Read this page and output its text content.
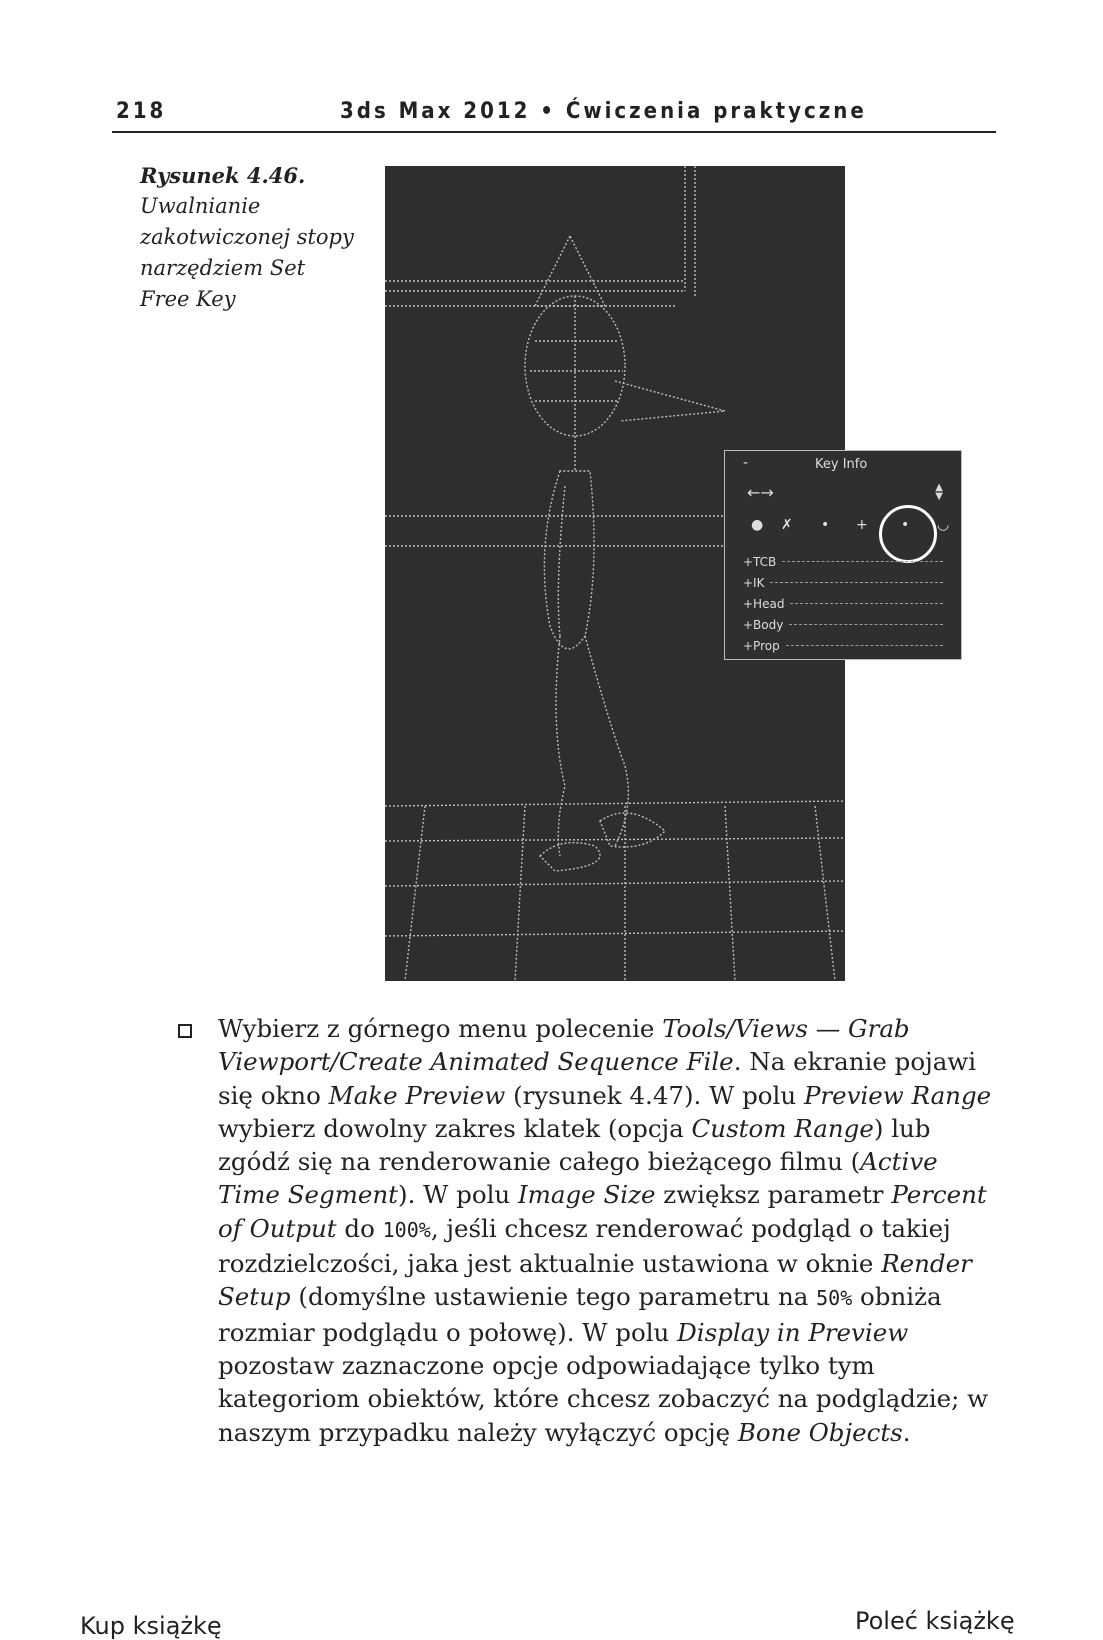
218	3ds Max 2012 • Ćwiczenia praktyczne
Rysunek 4.46.
Uwalnianie zakotwiczonej stopy narzędziem Set Free Key
-	Key Info
←→	▲
▼
● ✗ • + • ◡
+TCB
+IK
+Head
+Body
+Prop
Wybierz z górnego menu polecenie Tools/Views — Grab Viewport/Create Animated Sequence File. Na ekranie pojawi się okno Make Preview (rysunek 4.47). W polu Preview Range wybierz dowolny zakres klatek (opcja Custom Range) lub zgódź się na renderowanie całego bieżącego filmu (Active Time Segment). W polu Image Size zwiększ parametr Percent of Output do 100%, jeśli chcesz renderować podgląd o takiej rozdzielczości, jaka jest aktualnie ustawiona w oknie Render Setup (domyślne ustawienie tego parametru na 50% obniża rozmiar podglądu o połowę). W polu Display in Preview pozostaw zaznaczone opcje odpowiadające tylko tym kategoriom obiektów, które chcesz zobaczyć na podglądzie; w naszym przypadku należy wyłączyć opcję Bone Objects.
Kup książkę	Poleć książkę
